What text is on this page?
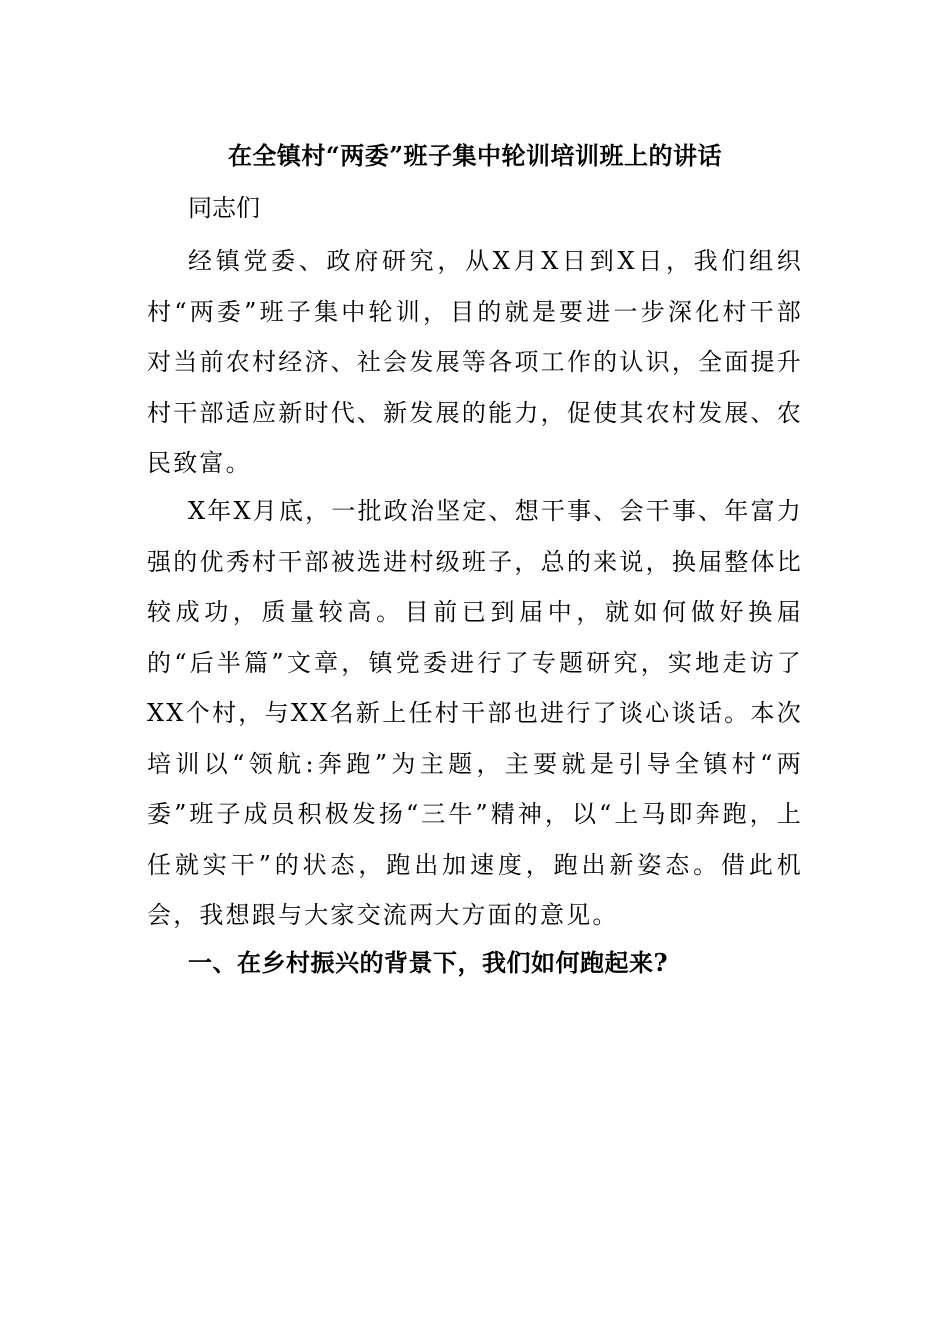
在全镇村“两委”班子集中轮训培训班上的讲话
同志们

经镇党委、政府研究，从X月X日到X日，我们组织村“两委”班子集中轮训，目的就是要进一步深化村干部对当前农村经济、社会发展等各项工作的认识，全面提升村干部适应新时代、新发展的能力，促使其农村发展、农民致富。

X年X月底，一批政治坚定、想干事、会干事、年富力强的优秀村干部被选进村级班子，总的来说，换届整体比较成功，质量较高。目前已到届中，就如何做好换届的“后半篇”文章，镇党委进行了专题研究，实地走访了XX个村，与XX名新上任村干部也进行了谈心谈话。本次培训以“领航:奔跑”为主题，主要就是引导全镇村“两委”班子成员积极发扬“三牛”精神，以“上马即奔跑，上任就实干”的状态，跑出加速度，跑出新姿态。借此机会，我想跟与大家交流两大方面的意见。

一、在乡村振兴的背景下，我们如何跑起来?
